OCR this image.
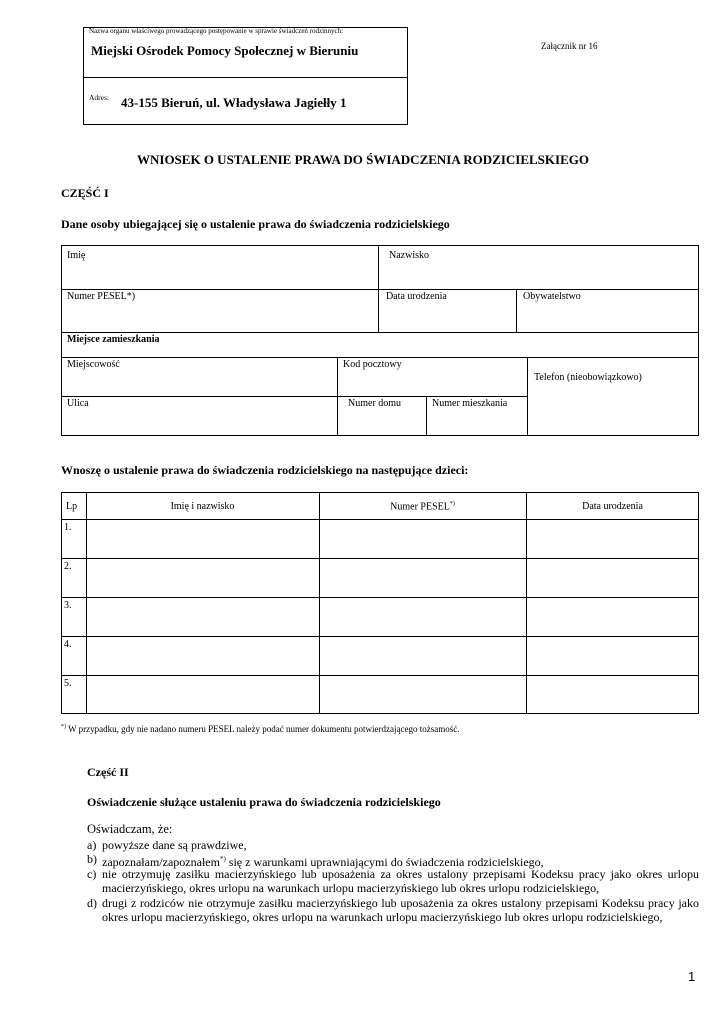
Nazwa organu właściwego prowadzącego postępowanie w sprawie świadczeń rodzinnych:
Miejski Ośrodek Pomocy Społecznej w Bieruniu
Adres: 43-155 Bieruń, ul. Władysława Jagiełły 1
Załącznik nr 16
WNIOSEK O USTALENIE PRAWA DO ŚWIADCZENIA RODZICIELSKIEGO
CZĘŚĆ I
Dane osoby ubiegającej się o ustalenie prawa do świadczenia rodzicielskiego
Imię	Nazwisko
Numer PESEL*)	Data urodzenia	Obywatelstwo
Miejsce zamieszkania
Miejscowość	Kod pocztowy
Telefon (nieobowiązkowo)
Ulica	Numer domu	Numer mieszkania
Wnoszę o ustalenie prawa do świadczenia rodzicielskiego na następujące dzieci:
Lp	Imię i nazwisko	Numer PESEL*)	Data urodzenia
1.
2.
3.
4.
5.
*) W przypadku, gdy nie nadano numeru PESEL należy podać numer dokumentu potwierdzającego tożsamość.
Część II
Oświadczenie służące ustaleniu prawa do świadczenia rodzicielskiego
Oświadczam, że:
a) powyższe dane są prawdziwe,
b) zapoznałam/zapoznałem*) się z warunkami uprawniającymi do świadczenia rodzicielskiego,
c) nie otrzymuję zasiłku macierzyńskiego lub uposażenia za okres ustalony przepisami Kodeksu pracy jako okres urlopu macierzyńskiego, okres urlopu na warunkach urlopu macierzyńskiego lub okres urlopu rodzicielskiego,
d) drugi z rodziców nie otrzymuje zasiłku macierzyńskiego lub uposażenia za okres ustalony przepisami Kodeksu pracy jako okres urlopu macierzyńskiego, okres urlopu na warunkach urlopu macierzyńskiego lub okres urlopu rodzicielskiego,
1
